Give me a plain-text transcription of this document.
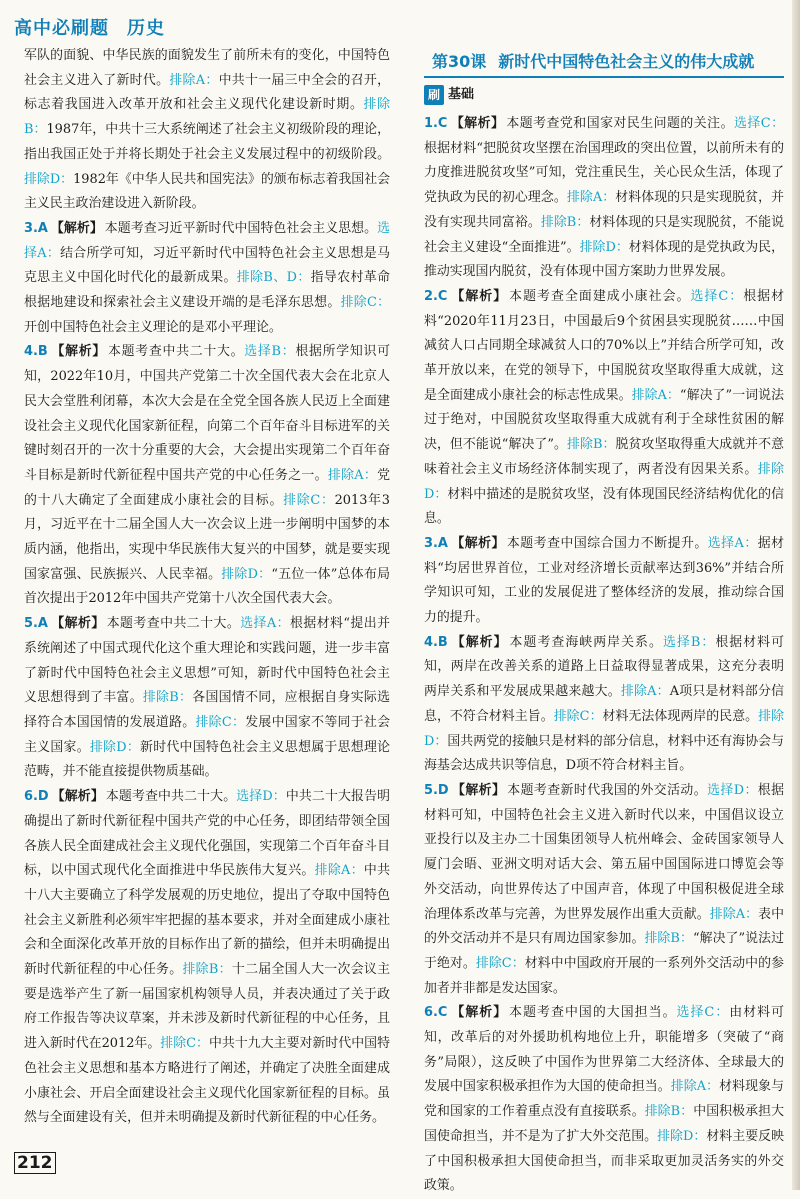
高中必刷题 历史
军队的面貌、中华民族的面貌发生了前所未有的变化，中国特色社会主义进入了新时代。排除A：中共十一届三中全会的召开，标志着我国进入改革开放和社会主义现代化建设新时期。排除B：1987年，中共十三大系统阐述了社会主义初级阶段的理论，指出我国正处于并将长期处于社会主义发展过程中的初级阶段。排除D：1982年《中华人民共和国宪法》的颁布标志着我国社会主义民主政治建设进入新阶段。
3.A 【解析】 本题考查习近平新时代中国特色社会主义思想。选择A：结合所学可知，习近平新时代中国特色社会主义思想是马克思主义中国化时代化的最新成果。排除B、D：指导农村革命根据地建设和探索社会主义建设开端的是毛泽东思想。排除C：开创中国特色社会主义理论的是邓小平理论。
4.B 【解析】 本题考查中共二十大。选择B：根据所学知识可知，2022年10月，中国共产党第二十次全国代表大会在北京人民大会堂胜利闭幕，本次大会是在全党全国各族人民迈上全面建设社会主义现代化国家新征程，向第二个百年奋斗目标进军的关键时刻召开的一次十分重要的大会，大会提出实现第二个百年奋斗目标是新时代新征程中国共产党的中心任务之一。排除A：党的十八大确定了全面建成小康社会的目标。排除C：2013年3月，习近平在十二届全国人大一次会议上进一步阐明中国梦的本质内涵，他指出，实现中华民族伟大复兴的中国梦，就是要实现国家富强、民族振兴、人民幸福。排除D：“五位一体”总体布局首次提出于2012年中国共产党第十八次全国代表大会。
5.A 【解析】 本题考查中共二十大。选择A：根据材料“提出并系统阐述了中国式现代化这个重大理论和实践问题，进一步丰富了新时代中国特色社会主义思想”可知，新时代中国特色社会主义思想得到了丰富。排除B：各国国情不同，应根据自身实际选择符合本国国情的发展道路。排除C：发展中国家不等同于社会主义国家。排除D：新时代中国特色社会主义思想属于思想理论范畴，并不能直接提供物质基础。
6.D 【解析】 本题考查中共二十大。选择D：中共二十大报告明确提出了新时代新征程中国共产党的中心任务，即团结带领全国各族人民全面建成社会主义现代化强国，实现第二个百年奋斗目标，以中国式现代化全面推进中华民族伟大复兴。排除A：中共十八大主要确立了科学发展观的历史地位，提出了夺取中国特色社会主义新胜利必须牢牢把握的基本要求，并对全面建成小康社会和全面深化改革开放的目标作出了新的描绘，但并未明确提出新时代新征程的中心任务。排除B：十二届全国人大一次会议主要是选举产生了新一届国家机构领导人员，并表决通过了关于政府工作报告等决议草案，并未涉及新时代新征程的中心任务，且进入新时代在2012年。排除C：中共十九大主要对新时代中国特色社会主义思想和基本方略进行了阐述，并确定了决胜全面建成小康社会、开启全面建设社会主义现代化国家新征程的目标。虽然与全面建设有关，但并未明确提及新时代新征程的中心任务。
第30课 新时代中国特色社会主义的伟大成就
刷 基础
1.C 【解析】 本题考查党和国家对民生问题的关注。选择C：根据材料“把脱贫攻坚摆在治国理政的突出位置，以前所未有的力度推进脱贫攻坚”可知，党注重民生，关心民众生活，体现了党执政为民的初心理念。排除A：材料体现的只是实现脱贫，并没有实现共同富裕。排除B：材料体现的只是实现脱贫，不能说社会主义建设“全面推进”。排除D：材料体现的是党执政为民，推动实现国内脱贫，没有体现中国方案助力世界发展。
2.C 【解析】 本题考查全面建成小康社会。选择C：根据材料“2020年11月23日，中国最后9个贫困县实现脱贫……中国减贫人口占同期全球减贫人口的70%以上”并结合所学可知，改革开放以来，在党的领导下，中国脱贫攻坚取得重大成就，这是全面建成小康社会的标志性成果。排除A：“解决了”一词说法过于绝对，中国脱贫攻坚取得重大成就有利于全球性贫困的解决，但不能说“解决了”。排除B：脱贫攻坚取得重大成就并不意味着社会主义市场经济体制实现了，两者没有因果关系。排除D：材料中描述的是脱贫攻坚，没有体现国民经济结构优化的信息。
3.A 【解析】 本题考查中国综合国力不断提升。选择A：据材料“均居世界首位，工业对经济增长贡献率达到36%”并结合所学知识可知，工业的发展促进了整体经济的发展，推动综合国力的提升。
4.B 【解析】 本题考查海峡两岸关系。选择B：根据材料可知，两岸在改善关系的道路上日益取得显著成果，这充分表明两岸关系和平发展成果越来越大。排除A：A项只是材料部分信息，不符合材料主旨。排除C：材料无法体现两岸的民意。排除D：国共两党的接触只是材料的部分信息，材料中还有海协会与海基会达成共识等信息，D项不符合材料主旨。
5.D 【解析】 本题考查新时代我国的外交活动。选择D：根据材料可知，中国特色社会主义进入新时代以来，中国倡议设立亚投行以及主办二十国集团领导人杭州峰会、金砖国家领导人厦门会晤、亚洲文明对话大会、第五届中国国际进口博览会等外交活动，向世界传达了中国声音，体现了中国积极促进全球治理体系改革与完善，为世界发展作出重大贡献。排除A：表中的外交活动并不是只有周边国家参加。排除B：“解决了”说法过于绝对。排除C：材料中中国政府开展的一系列外交活动中的参加者并非都是发达国家。
6.C 【解析】 本题考查中国的大国担当。选择C：由材料可知，改革后的对外援助机构地位上升，职能增多（突破了“商务”局限），这反映了中国作为世界第二大经济体、全球最大的发展中国家积极承担作为大国的使命担当。排除A：材料现象与党和国家的工作着重点没有直接联系。排除B：中国积极承担大国使命担当，并不是为了扩大外交范围。排除D：材料主要反映了中国积极承担大国使命担当，而非采取更加灵活务实的外交政策。
212
